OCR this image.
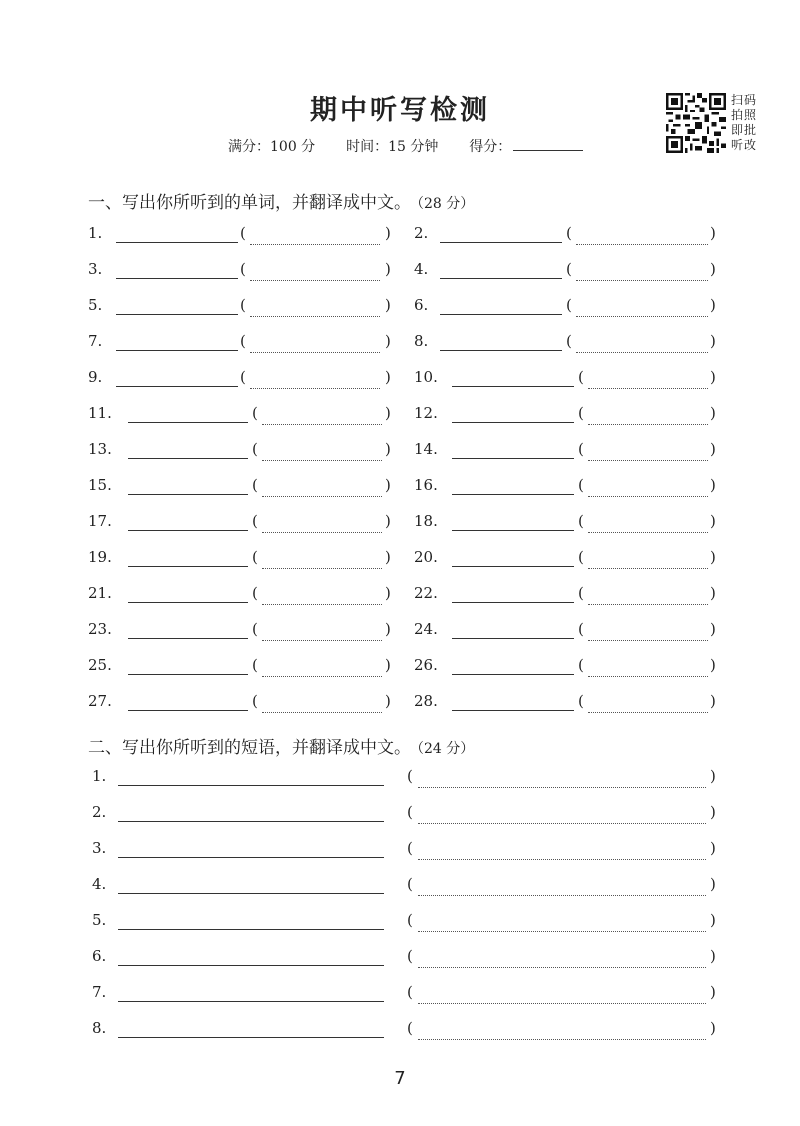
期中听写检测
满分：100 分 时间：15 分钟 得分：
扫码拍照即批听改
一、写出你所听到的单词，并翻译成中文。 （28 分）
1.	(	) 2.	(	)
3.	(	) 4.	(	)
5.	(	) 6.	(	)
7.	(	) 8.	(	)
9.	(	) 10.	(	)
11.	(	) 12.	(	)
13.	(	) 14.	(	)
15.	(	) 16.	(	)
17.	(	) 18.	(	)
19.	(	) 20.	(	)
21.	(	) 22.	(	)
23.	(	) 24.	(	)
25.	(	) 26.	(	)
27.	(	) 28.	(	)
二、写出你所听到的短语，并翻译成中文。 （24 分）
1.	(	)
2.	(	)
3.	(	)
4.	(	)
5.	(	)
6.	(	)
7.	(	)
8.	(	)
7
